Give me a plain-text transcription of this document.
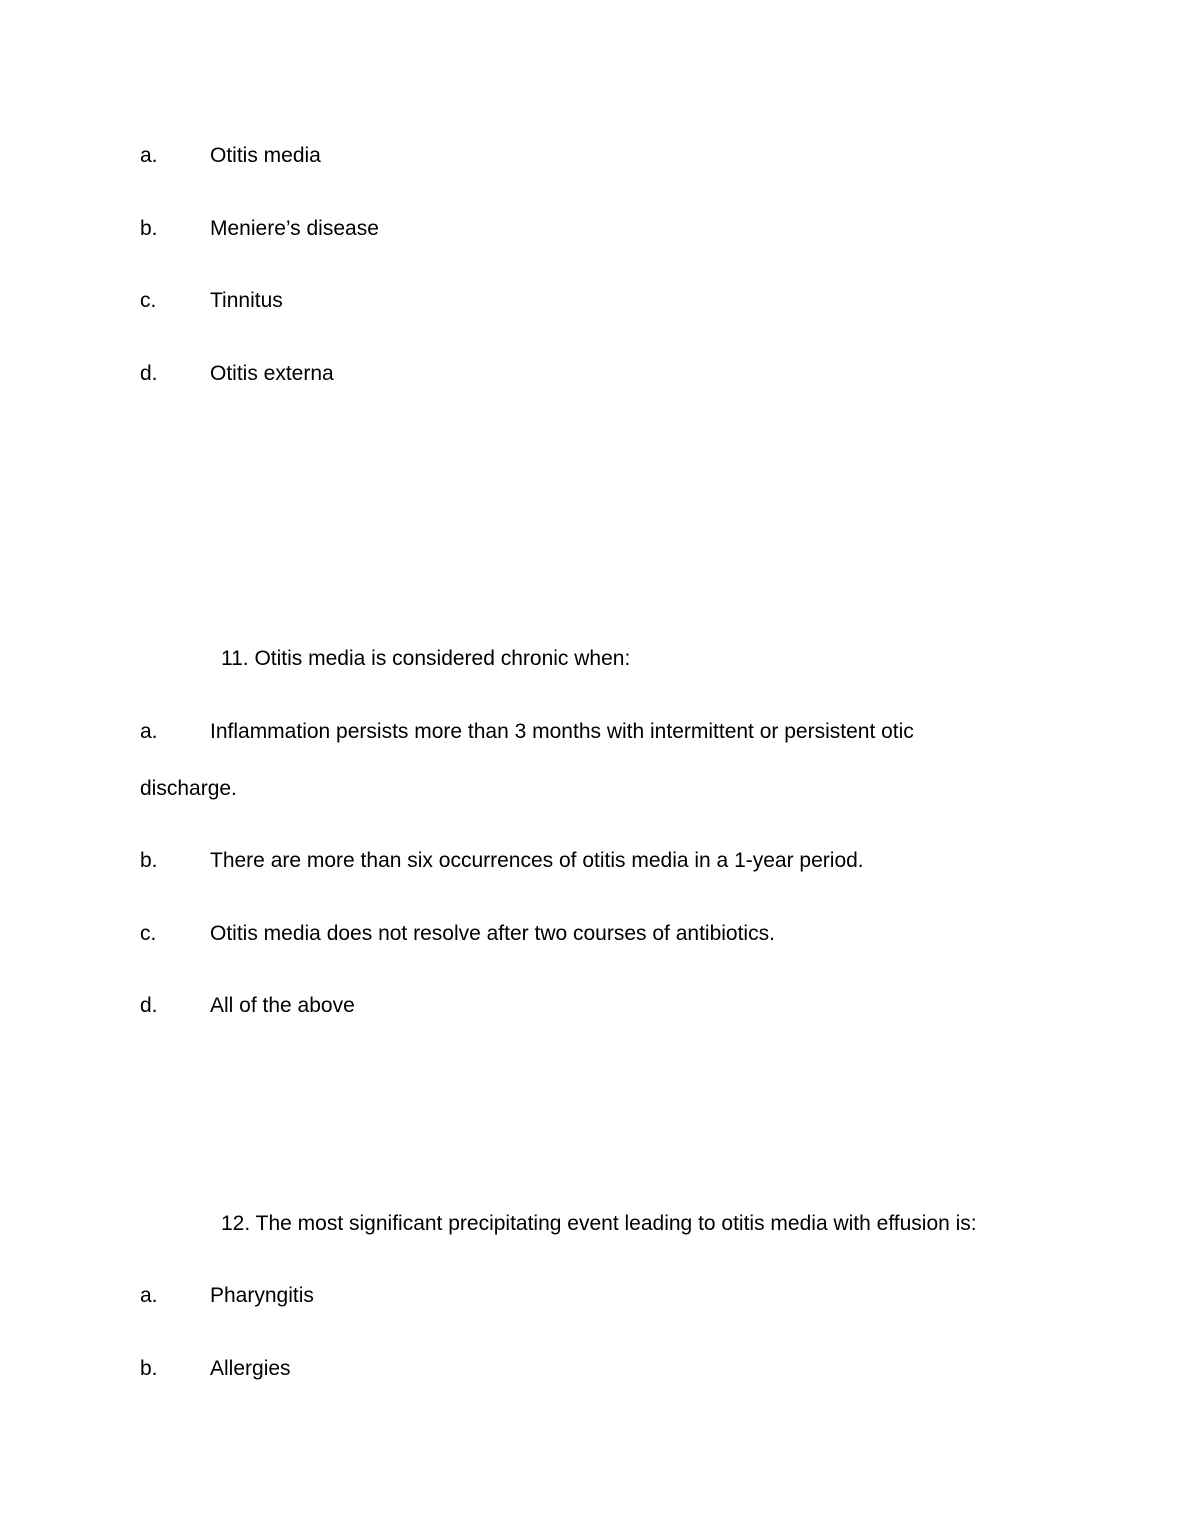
a. Otitis media
b. Meniere’s disease
c.	Tinnitus
d. Otitis externa
11. Otitis media is considered chronic when:
a. Inflammation persists more than 3 months with intermittent or persistent otic
discharge.
b. There are more than six occurrences of otitis media in a 1-year period.
c.	Otitis media does not resolve after two courses of antibiotics.
d. All of the above
12. The most significant precipitating event leading to otitis media with effusion is:
a. Pharyngitis
b. Allergies
